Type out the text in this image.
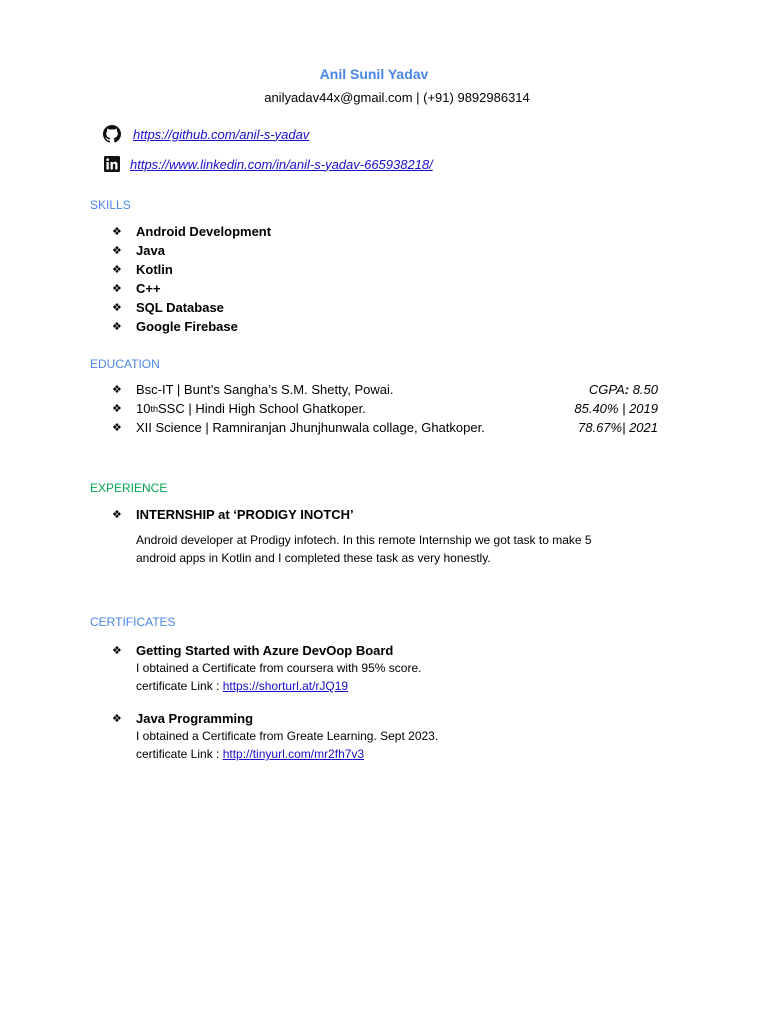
Anil Sunil Yadav
anilyadav44x@gmail.com | (+91) 9892986314
https://github.com/anil-s-yadav
https://www.linkedin.com/in/anil-s-yadav-665938218/
SKILLS
❖	Android Development
❖	Java
❖	Kotlin
❖	C++
❖	SQL Database
❖	Google Firebase
EDUCATION
❖	Bsc-IT | Bunt’s Sangha’s S.M. Shetty, Powai.	CGPA: 8.50
❖	10 th SSC | Hindi High School Ghatkoper.	85.40% | 2019
❖	XII Science | Ramniranjan Jhunjhunwala collage, Ghatkoper.	78.67%| 2021
EXPERIENCE
❖	INTERNSHIP at ‘PRODIGY INOTCH’
Android developer at Prodigy infotech. In this remote Internship we got task to make 5
android apps in Kotlin and I completed these task as very honestly.
CERTIFICATES
❖	Getting Started with Azure DevOop Board
I obtained a Certificate from coursera with 95% score.
certificate Link : https://shorturl.at/rJQ19
❖	Java Programming
I obtained a Certificate from Greate Learning. Sept 2023.
certificate Link : http://tinyurl.com/mr2fh7v3
